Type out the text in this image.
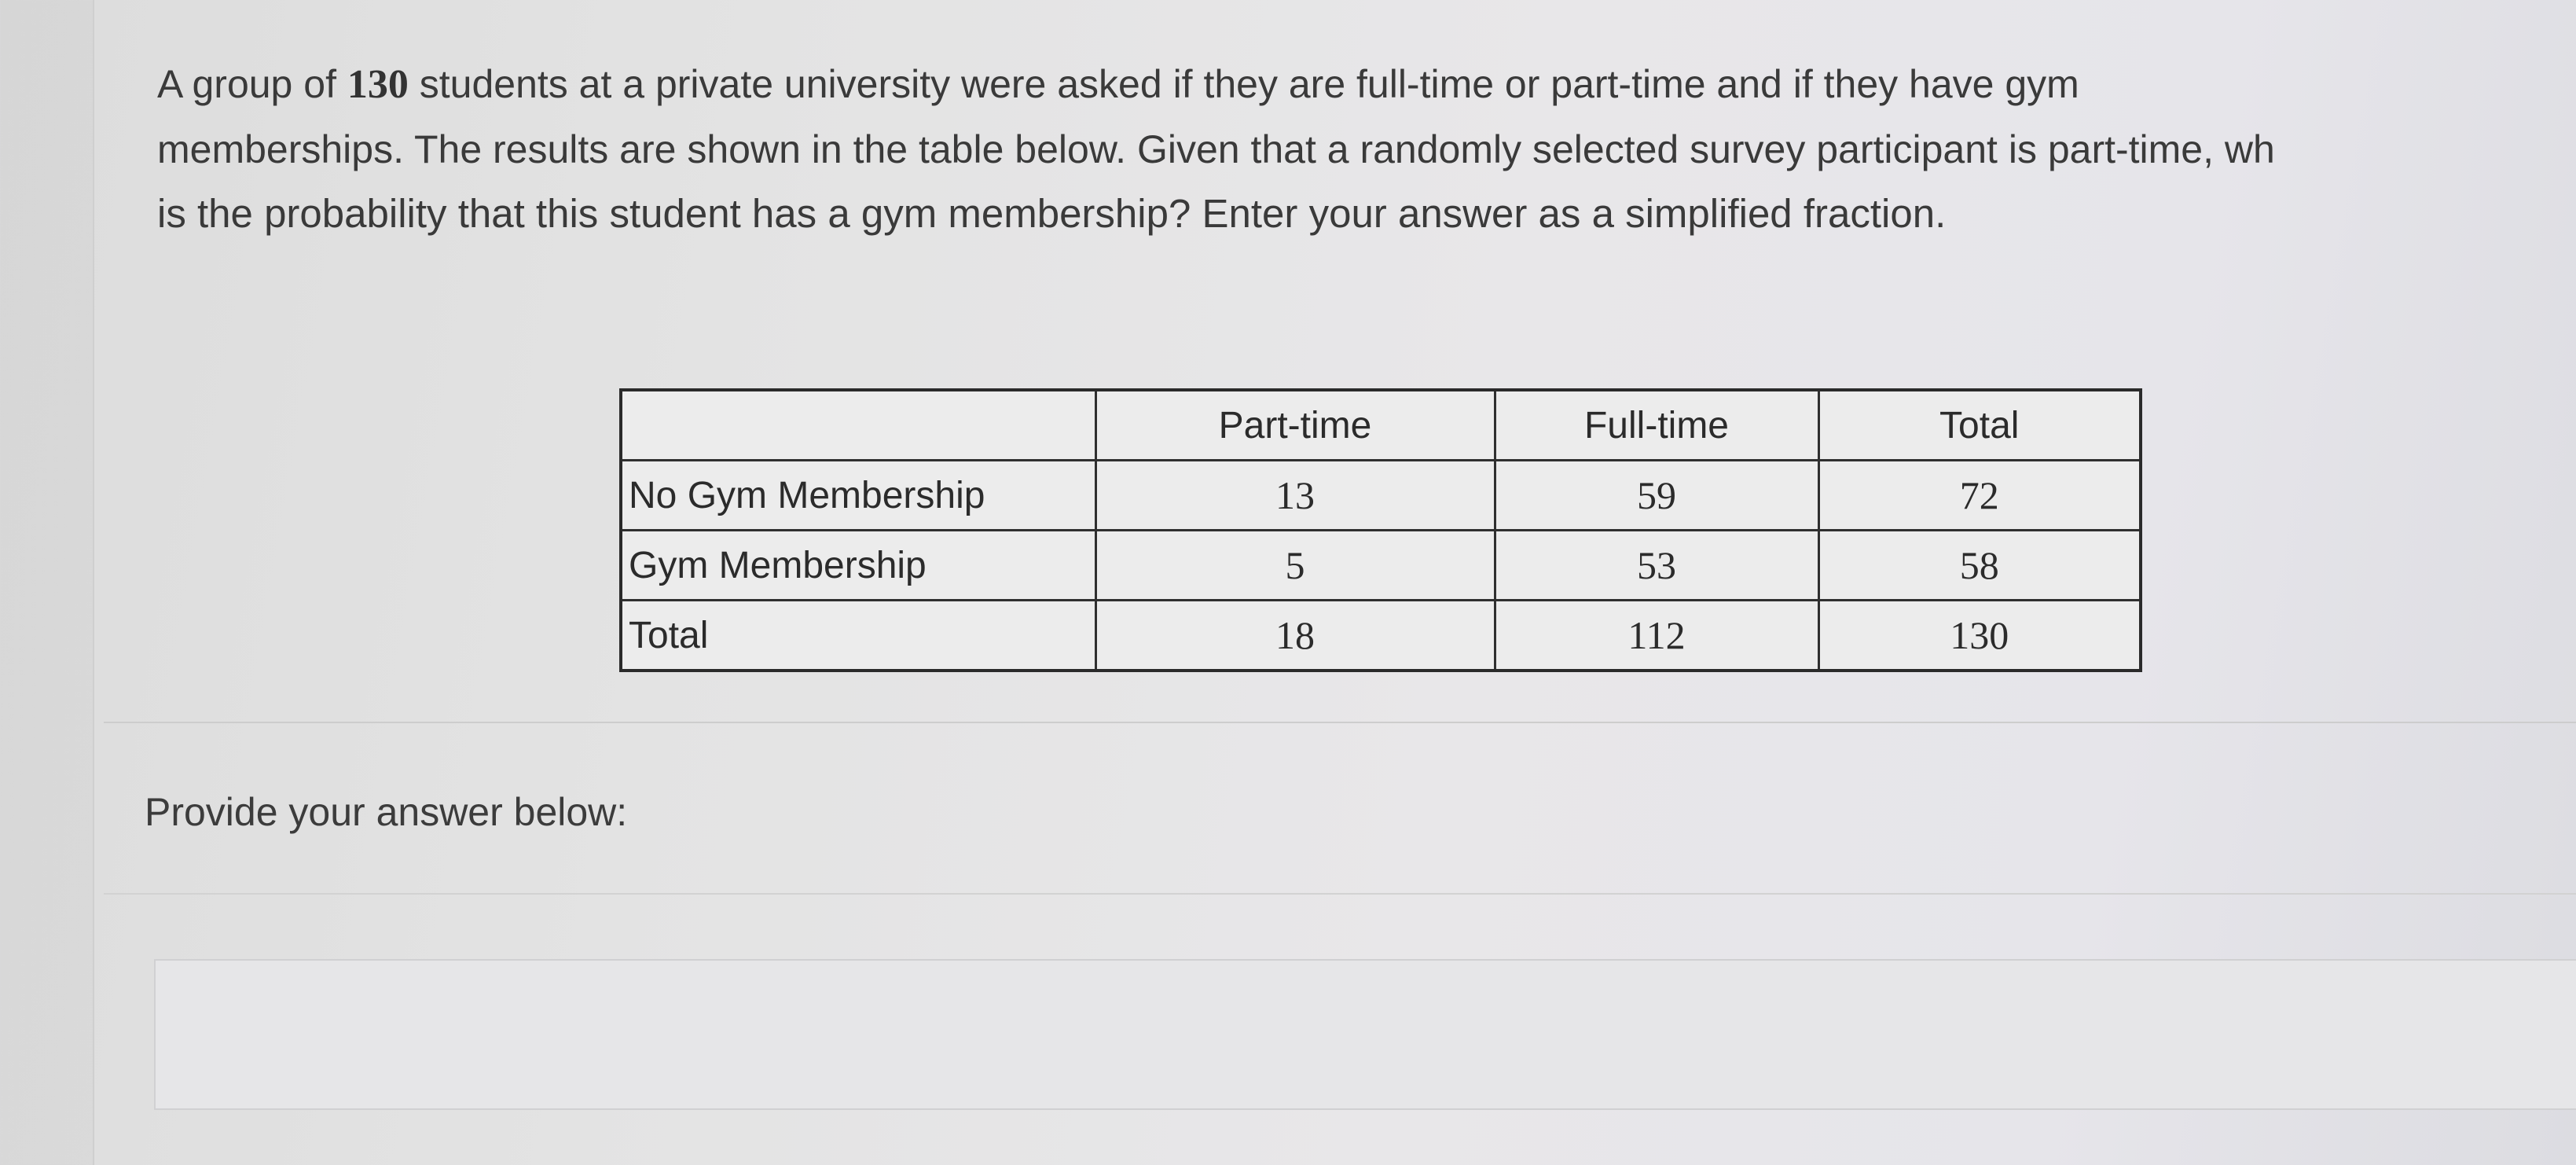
A group of 130 students at a private university were asked if they are full-time or part-time and if they have gym
memberships. The results are shown in the table below. Given that a randomly selected survey participant is part-time, wh
is the probability that this student has a gym membership? Enter your answer as a simplified fraction.
	Part-time	Full-time	Total
No Gym Membership	13	59	72
Gym Membership	5	53	58
Total	18	112	130
Provide your answer below:
